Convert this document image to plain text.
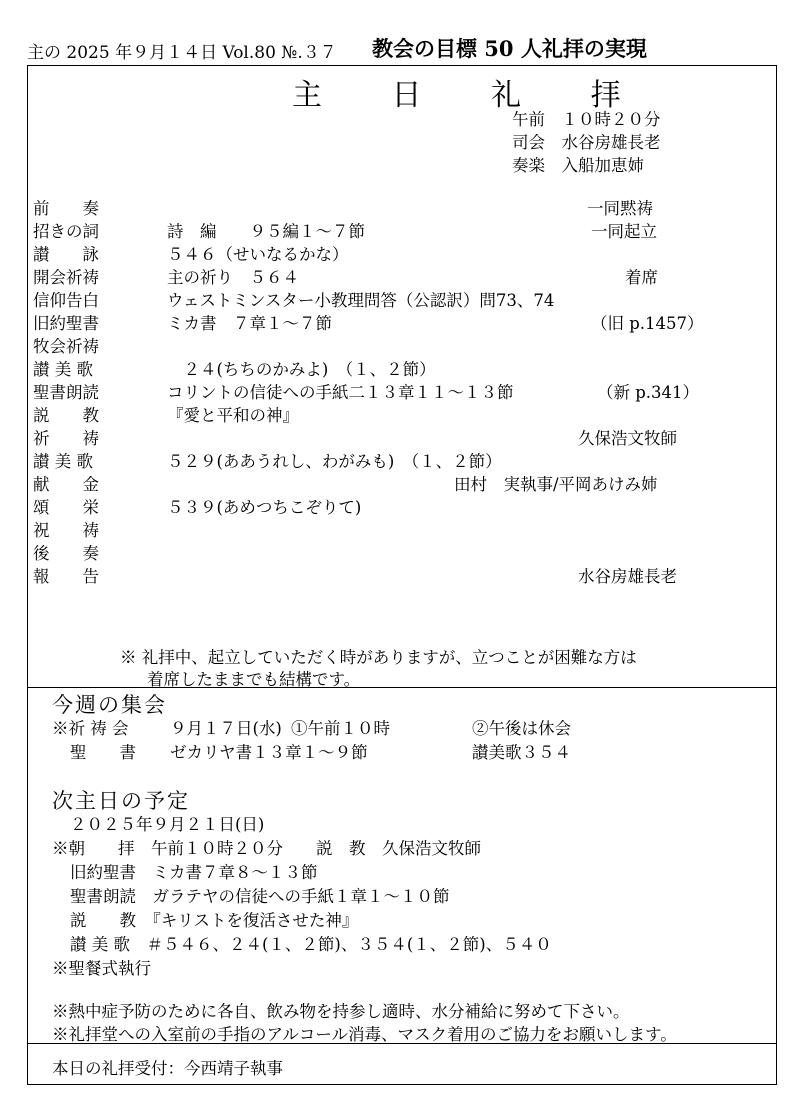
主の 2025 年９月１４日 Vol.80 №.３７ 教会の目標 50 人礼拝の実現
主 日 礼 拝
午前　１０時２０分
司会　水谷房雄長老
奏楽　入船加恵姉
前　　奏	一同黙祷
招きの詞	詩　編　　９５編１〜７節	一同起立
讃　　詠	５４６（せいなるかな）
開会祈祷	主の祈り　５６４	着席
信仰告白	ウェストミンスター小教理問答（公認訳）問73、74
旧約聖書	ミカ書　７章１〜７節	（旧 p.1457）
牧会祈祷
讃 美 歌	　２４(ちちのかみよ)　（１、２節）
聖書朗読	コリントの信徒への手紙二１３章１１〜１３節	（新 p.341）
説　　教	『愛と平和の神』
祈　　祷	久保浩文牧師
讃 美 歌	５２９(ああうれし、わがみも)　（１、２節）
献　　金	田村　実執事/平岡あけみ姉
頌　　栄	５３９(あめつちこぞりて)
祝　　祷
後　　奏
報　　告	水谷房雄長老
※ 礼拝中、起立していただく時がありますが、立つことが困難な方は
着席したままでも結構です。
今週の集会
※祈 祷 会	９月１７日(水) ①午前１０時	②午後は休会
聖　　書 ゼカリヤ書１３章１〜９節	讃美歌３５４
次主日の予定
２０２５年９月２１日(日)
※朝　　拝　午前１０時２０分　　説　教　久保浩文牧師
旧約聖書　ミカ書７章８〜１３節
聖書朗読　ガラテヤの信徒への手紙１章１〜１０節
説　　教　『キリストを復活させた神』
讃 美 歌　＃５４６、２４(１、２節)、３５４(１、２節)、５４０
※聖餐式執行
※熱中症予防のために各自、飲み物を持参し適時、水分補給に努めて下さい。
※礼拝堂への入室前の手指のアルコール消毒、マスク着用のご協力をお願いします。
本日の礼拝受付：今西靖子執事
